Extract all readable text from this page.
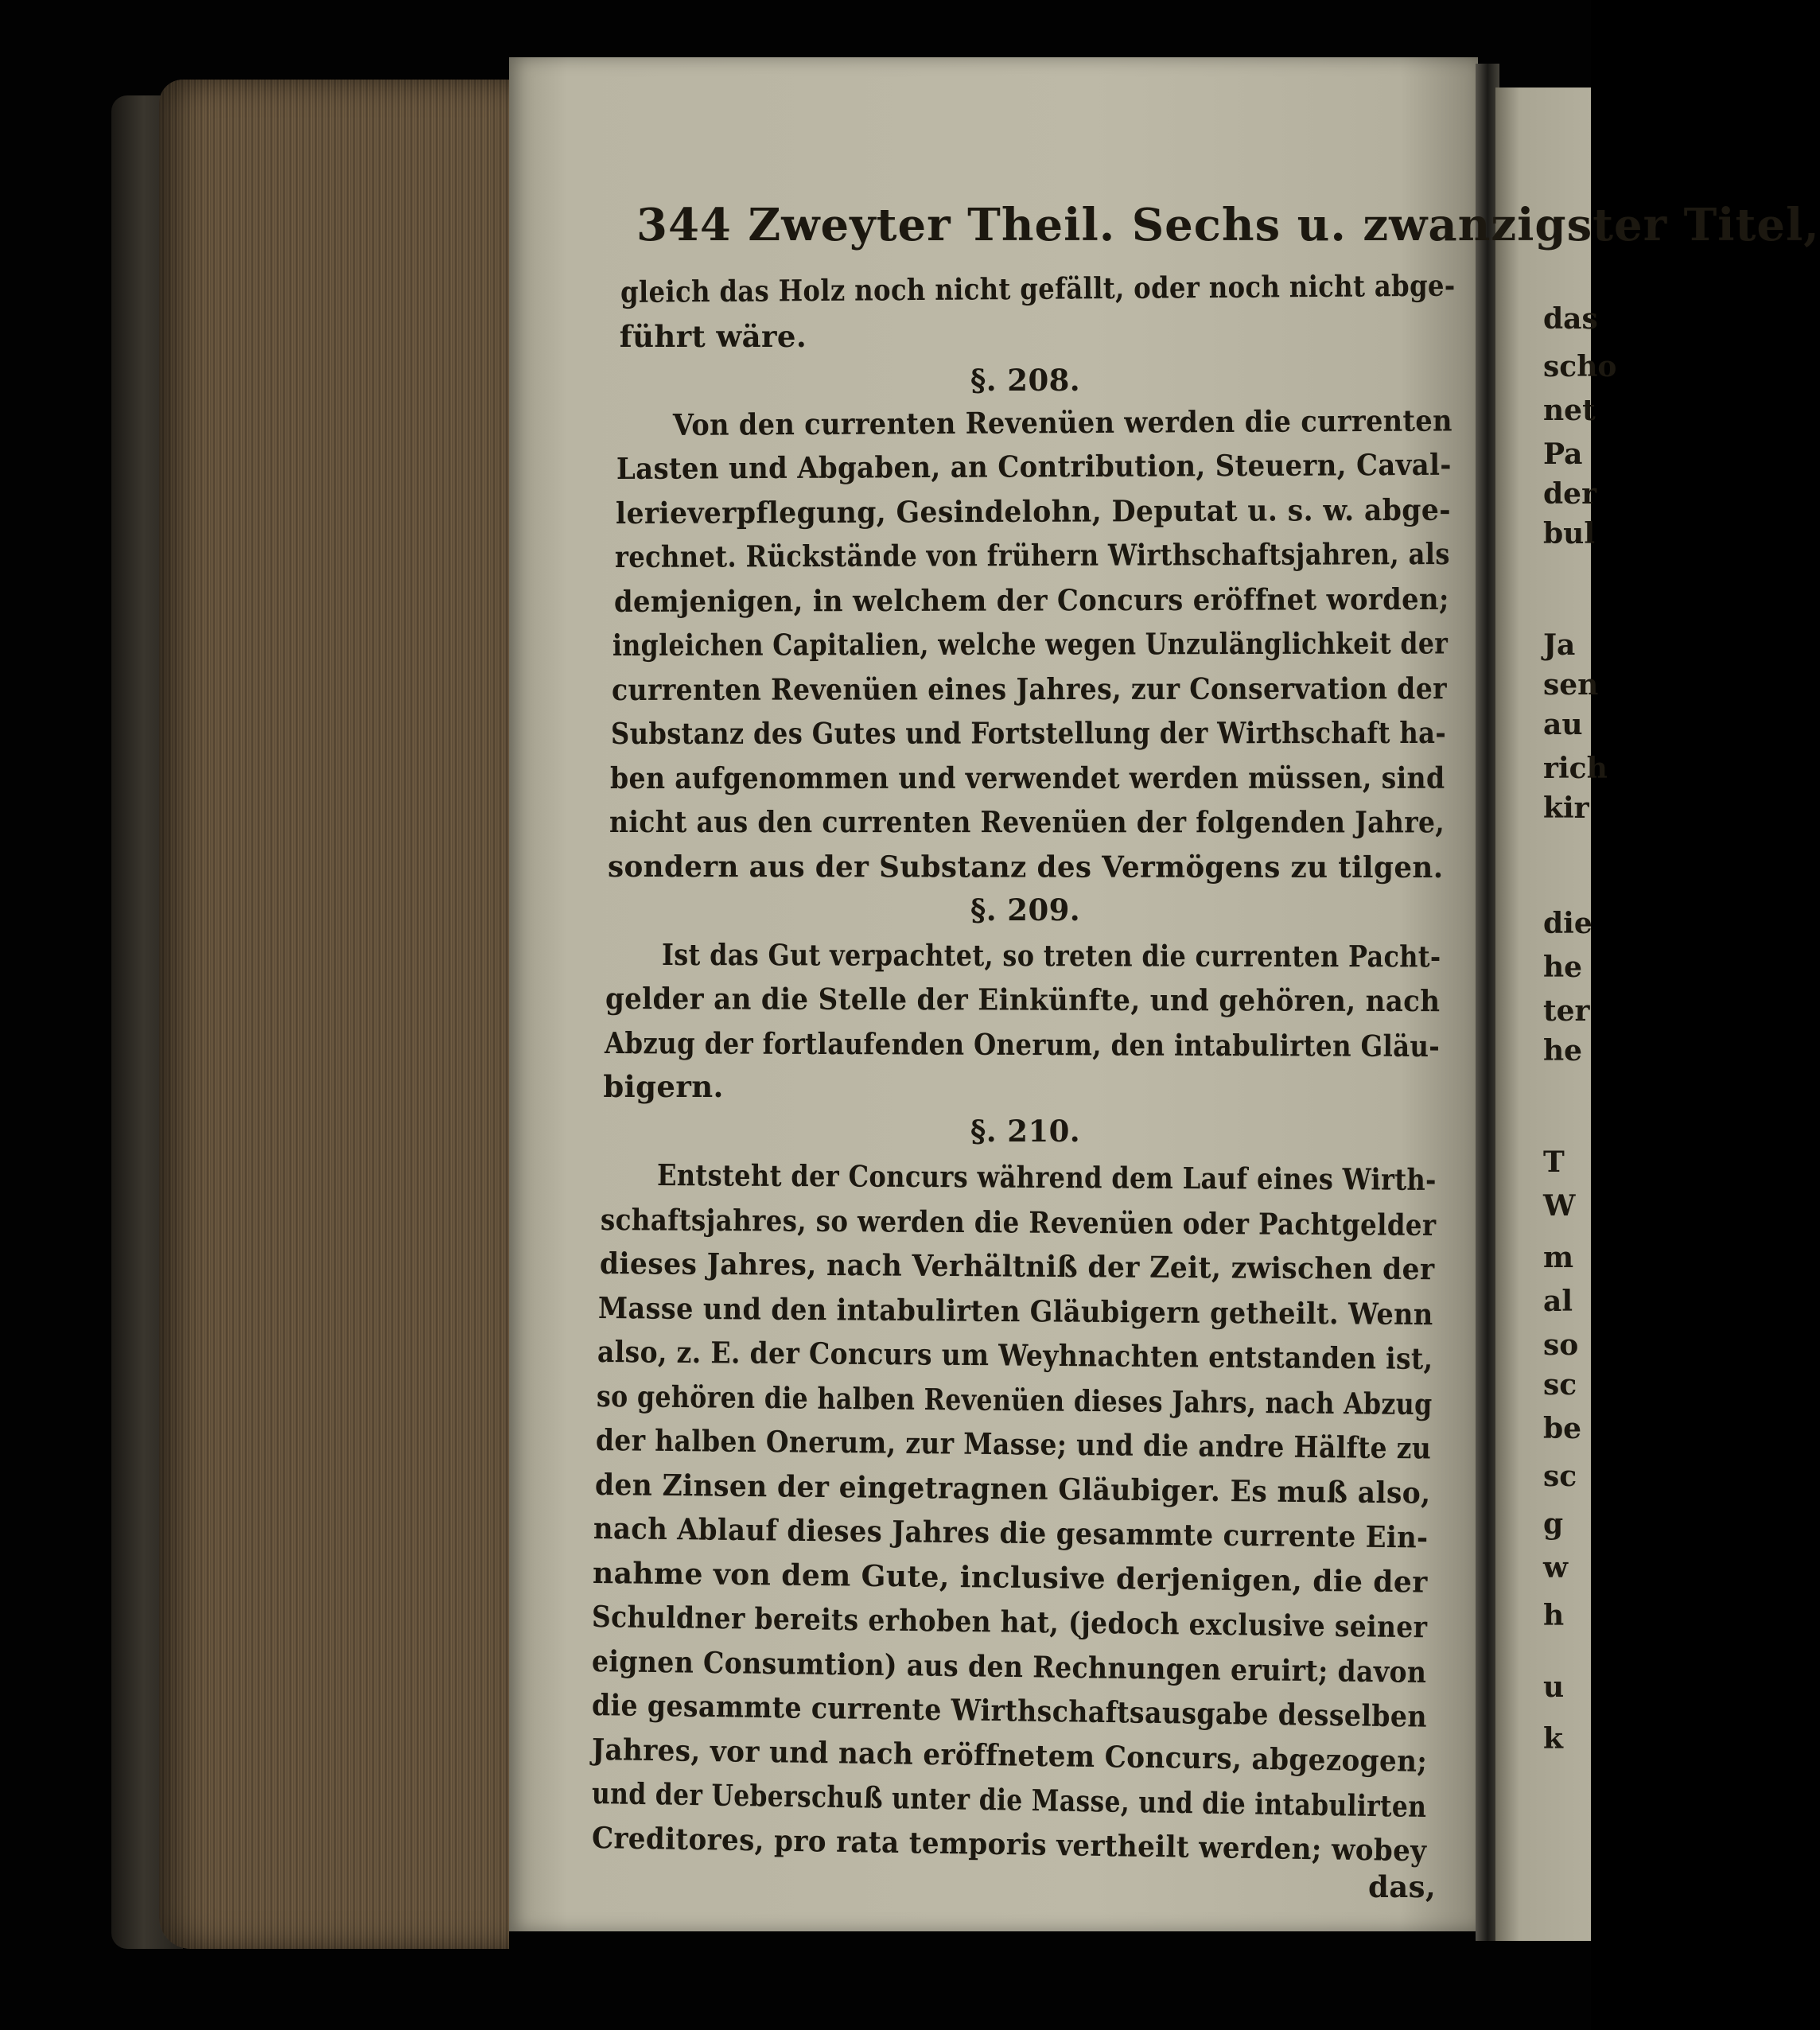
344 Zweyter Theil. Sechs u. zwanzigster Titel,
gleich das Holz noch nicht gefällt, oder noch nicht abge-
führt wäre.
§. 208.
Von den currenten Revenüen werden die currenten
Lasten und Abgaben, an Contribution, Steuern, Caval-
lerieverpflegung, Gesindelohn, Deputat u. s. w. abge-
rechnet. Rückstände von frühern Wirthschaftsjahren, als
demjenigen, in welchem der Concurs eröffnet worden;
ingleichen Capitalien, welche wegen Unzulänglichkeit der
currenten Revenüen eines Jahres, zur Conservation der
Substanz des Gutes und Fortstellung der Wirthschaft ha-
ben aufgenommen und verwendet werden müssen, sind
nicht aus den currenten Revenüen der folgenden Jahre,
sondern aus der Substanz des Vermögens zu tilgen.
§. 209.
Ist das Gut verpachtet, so treten die currenten Pacht-
gelder an die Stelle der Einkünfte, und gehören, nach
Abzug der fortlaufenden Onerum, den intabulirten Gläu-
bigern.
§. 210.
Entsteht der Concurs während dem Lauf eines Wirth-
schaftsjahres, so werden die Revenüen oder Pachtgelder
dieses Jahres, nach Verhältniß der Zeit, zwischen der
Masse und den intabulirten Gläubigern getheilt. Wenn
also, z. E. der Concurs um Weyhnachten entstanden ist,
so gehören die halben Revenüen dieses Jahrs, nach Abzug
der halben Onerum, zur Masse; und die andre Hälfte zu
den Zinsen der eingetragnen Gläubiger. Es muß also,
nach Ablauf dieses Jahres die gesammte currente Ein-
nahme von dem Gute, inclusive derjenigen, die der
Schuldner bereits erhoben hat, (jedoch exclusive seiner
eignen Consumtion) aus den Rechnungen eruirt; davon
die gesammte currente Wirthschaftsausgabe desselben
Jahres, vor und nach eröffnetem Concurs, abgezogen;
und der Ueberschuß unter die Masse, und die intabulirten
Creditores, pro rata temporis vertheilt werden; wobey
das,
das
scho
net
Pa
der
bul
Ja
sen
au
rich
kir
die
he
ter
he
T
W
m
al
so
sc
be
sc
g
w
h
u
k
